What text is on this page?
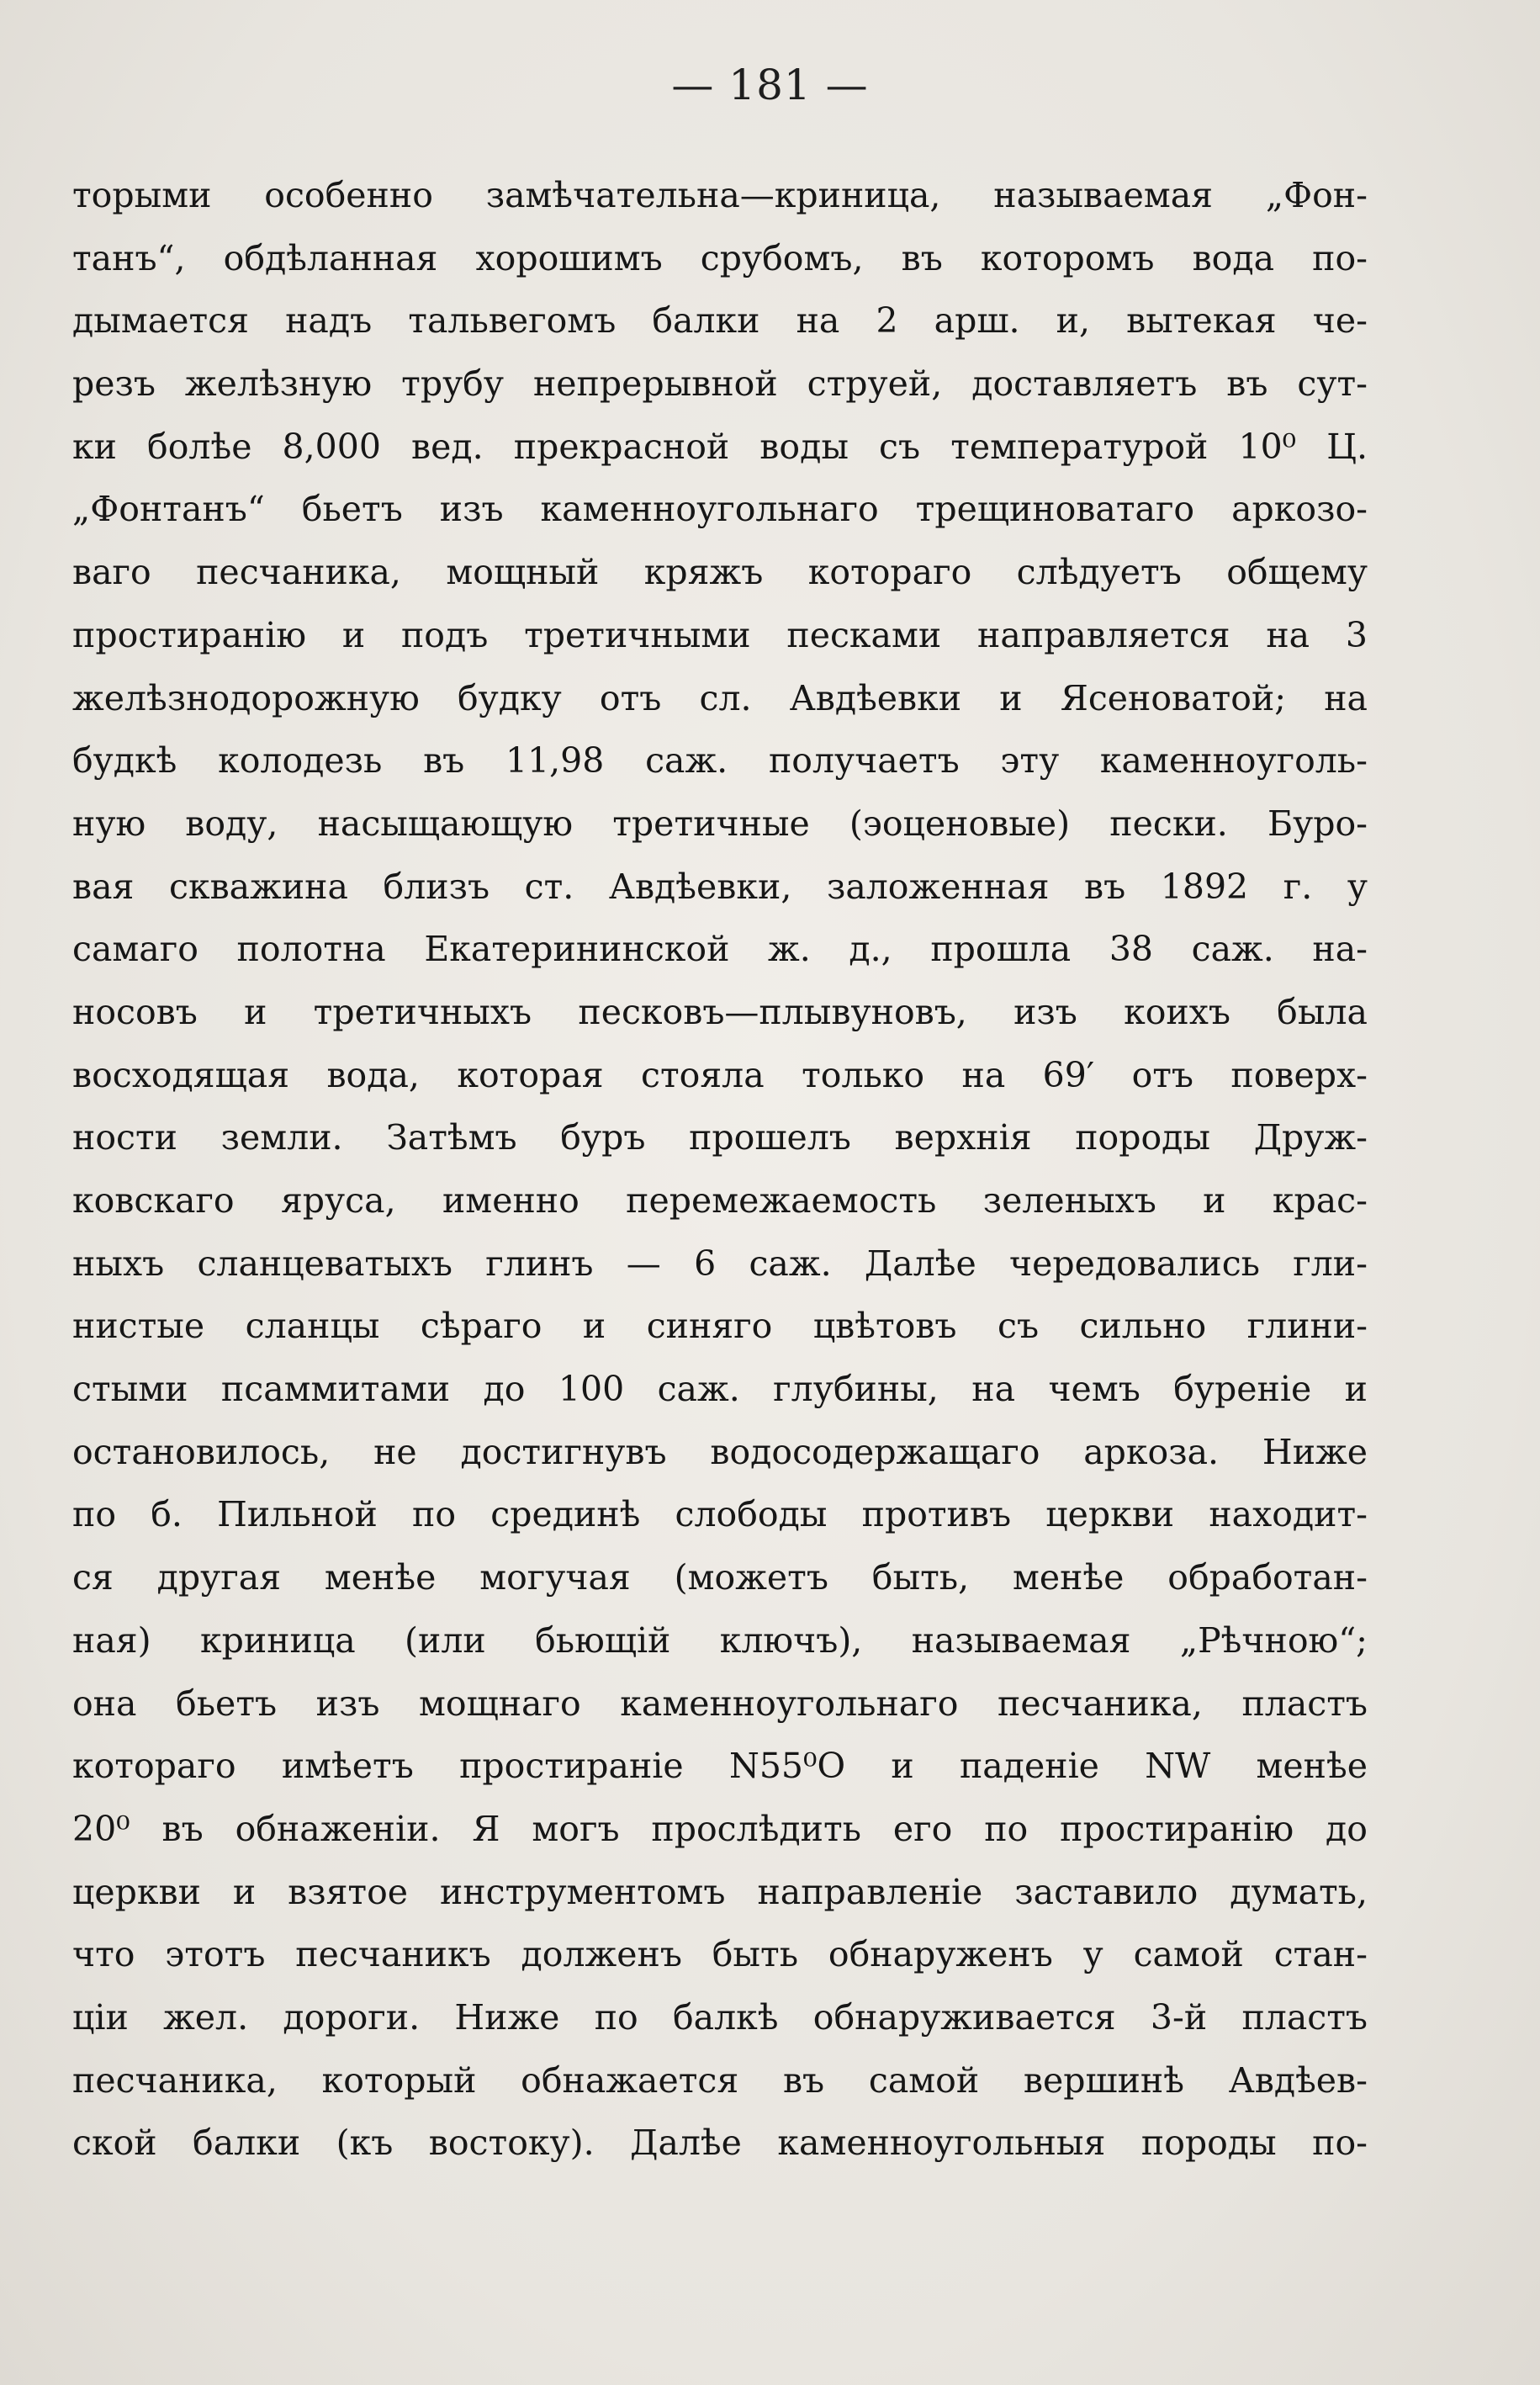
— 181 —
торыми особенно замѣчательна—криница, называемая „Фон-
танъ“, обдѣланная хорошимъ срубомъ, въ которомъ вода по-
дымается надъ тальвегомъ балки на 2 арш. и, вытекая че-
резъ желѣзную трубу непрерывной струей, доставляетъ въ сут-
ки болѣе 8,000 вед. прекрасной воды съ температурой 10⁰ Ц.
„Фонтанъ“ бьетъ изъ каменноугольнаго трещиноватаго аркозо-
ваго песчаника, мощный кряжъ котораго слѣдуетъ общему
простиранію и подъ третичными песками направляется на 3
желѣзнодорожную будку отъ сл. Авдѣевки и Ясеноватой; на
будкѣ колодезь въ 11,98 саж. получаетъ эту каменноуголь-
ную воду, насыщающую третичные (эоценовые) пески. Буро-
вая скважина близъ ст. Авдѣевки, заложенная въ 1892 г. у
самаго полотна Екатерининской ж. д., прошла 38 саж. на-
носовъ и третичныхъ песковъ—плывуновъ, изъ коихъ была
восходящая вода, которая стояла только на 69′ отъ поверх-
ности земли. Затѣмъ буръ прошелъ верхнія породы Друж-
ковскаго яруса, именно перемежаемость зеленыхъ и крас-
ныхъ сланцеватыхъ глинъ — 6 саж. Далѣе чередовались гли-
нистые сланцы сѣраго и синяго цвѣтовъ съ сильно глини-
стыми псаммитами до 100 саж. глубины, на чемъ буреніе и
остановилось, не достигнувъ водосодержащаго аркоза. Ниже
по б. Пильной по срединѣ слободы противъ церкви находит-
ся другая менѣе могучая (можетъ быть, менѣе обработан-
ная) криница (или бьющій ключъ), называемая „Рѣчною“;
она бьетъ изъ мощнаго каменноугольнаго песчаника, пластъ
котораго имѣетъ простираніе N55⁰O и паденіе NW менѣе
20⁰ въ обнаженіи. Я могъ прослѣдить его по простиранію до
церкви и взятое инструментомъ направленіе заставило думать,
что этотъ песчаникъ долженъ быть обнаруженъ у самой стан-
ціи жел. дороги. Ниже по балкѣ обнаруживается 3-й пластъ
песчаника, который обнажается въ самой вершинѣ Авдѣев-
ской балки (къ востоку). Далѣе каменноугольныя породы по-
